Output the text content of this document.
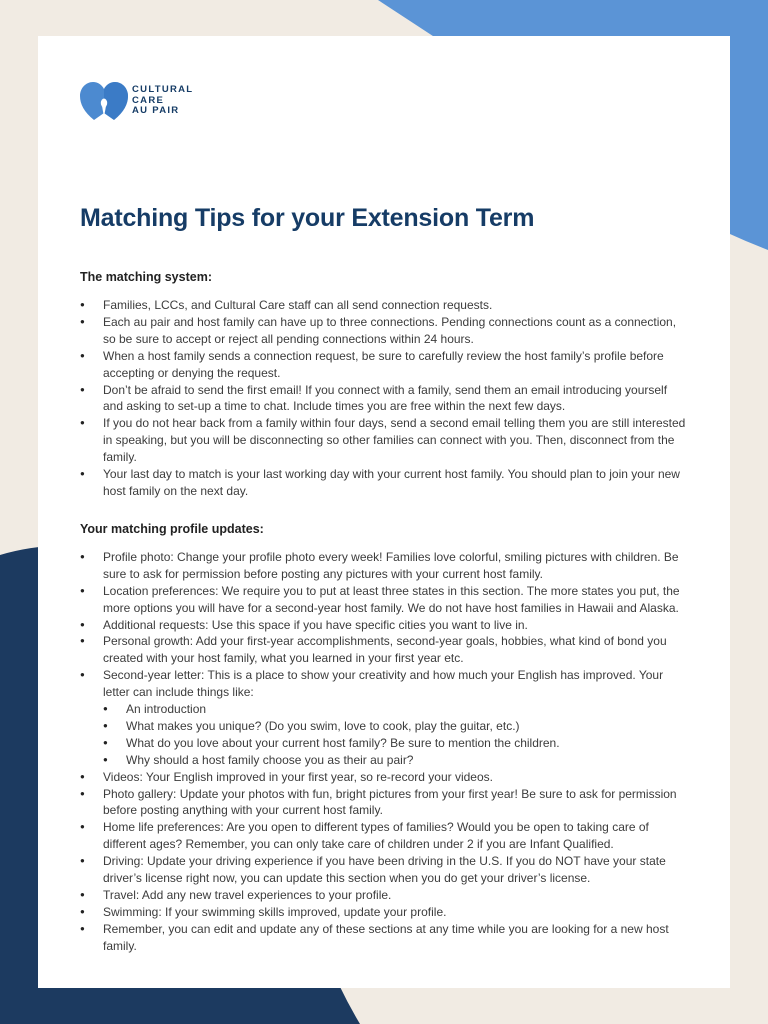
CULTURAL
CARE
AU PAIR
Matching Tips for your Extension Term
The matching system:
● Families, LCCs, and Cultural Care staff can all send connection requests.
● Each au pair and host family can have up to three connections. Pending connections count as a connection, so be sure to accept or reject all pending connections within 24 hours.
● When a host family sends a connection request, be sure to carefully review the host family’s profile before accepting or denying the request.
● Don’t be afraid to send the first email! If you connect with a family, send them an email introducing yourself and asking to set-up a time to chat. Include times you are free within the next few days.
● If you do not hear back from a family within four days, send a second email telling them you are still interested in speaking, but you will be disconnecting so other families can connect with you. Then, disconnect from the family.
● Your last day to match is your last working day with your current host family. You should plan to join your new host family on the next day.
Your matching profile updates:
● Profile photo: Change your profile photo every week! Families love colorful, smiling pictures with children. Be sure to ask for permission before posting any pictures with your current host family.
● Location preferences: We require you to put at least three states in this section. The more states you put, the more options you will have for a second-year host family. We do not have host families in Hawaii and Alaska.
● Additional requests: Use this space if you have specific cities you want to live in.
● Personal growth: Add your first-year accomplishments, second-year goals, hobbies, what kind of bond you created with your host family, what you learned in your first year etc.
● Second-year letter: This is a place to show your creativity and how much your English has improved. Your letter can include things like:
● An introduction
● What makes you unique? (Do you swim, love to cook, play the guitar, etc.)
● What do you love about your current host family? Be sure to mention the children.
● Why should a host family choose you as their au pair?
● Videos: Your English improved in your first year, so re-record your videos.
● Photo gallery: Update your photos with fun, bright pictures from your first year! Be sure to ask for permission before posting anything with your current host family.
● Home life preferences: Are you open to different types of families? Would you be open to taking care of different ages? Remember, you can only take care of children under 2 if you are Infant Qualified.
● Driving: Update your driving experience if you have been driving in the U.S. If you do NOT have your state driver’s license right now, you can update this section when you do get your driver’s license.
● Travel: Add any new travel experiences to your profile.
● Swimming: If your swimming skills improved, update your profile.
● Remember, you can edit and update any of these sections at any time while you are looking for a new host family.
